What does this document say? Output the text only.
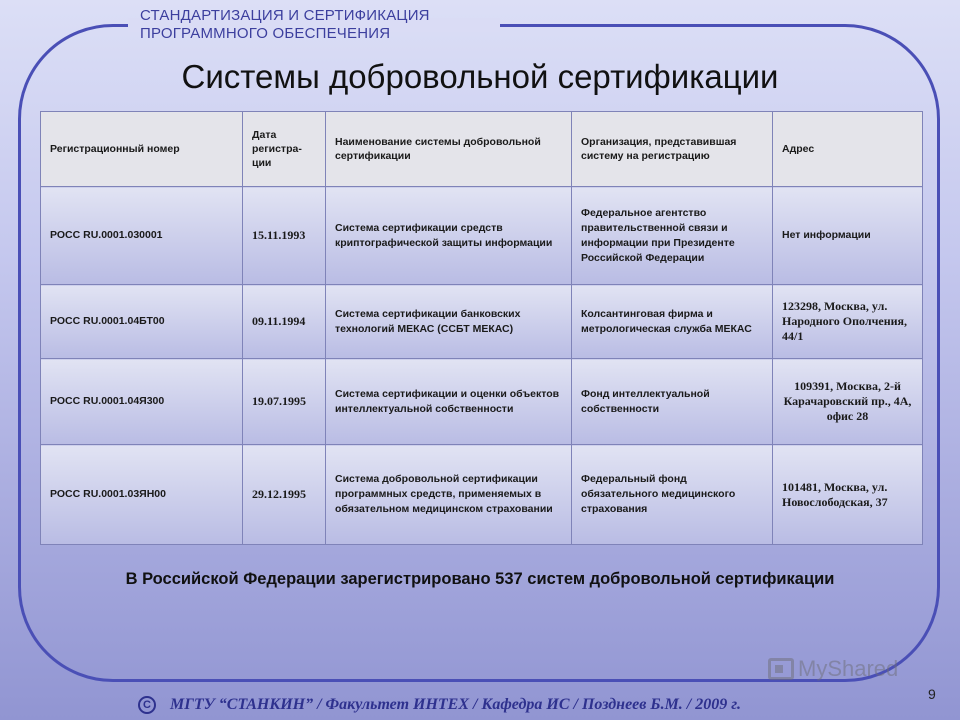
СТАНДАРТИЗАЦИЯ И СЕРТИФИКАЦИЯ
ПРОГРАММНОГО ОБЕСПЕЧЕНИЯ
Системы добровольной сертификации
Регистрационный номер	Дата регистра-ции	Наименование системы добровольной сертификации	Организация, представившая систему на регистрацию	Адрес
РОСС RU.0001.030001	15.11.1993	Система сертификации средств криптографической защиты информации	Федеральное агентство правительственной связи и информации при Президенте Российской Федерации	Нет информации
РОСС RU.0001.04БТ00	09.11.1994	Система сертификации банковских технологий МЕКАС (ССБТ МЕКАС)	Колсантинговая фирма и метрологическая служба МЕКАС	123298, Москва, ул. Народного Ополчения, 44/1
РОСС RU.0001.04Я300	19.07.1995	Система сертификации и оценки объектов интеллектуальной собственности	Фонд интеллектуальной собственности	109391, Москва, 2-й Карачаровский пр., 4А, офис 28
РОСС RU.0001.03ЯН00	29.12.1995	Система добровольной сертификации программных средств, применяемых в обязательном медицинском страховании	Федеральный фонд обязательного медицинского страхования	101481, Москва, ул. Новослободская, 37
В Российской Федерации зарегистрировано 537 систем добровольной сертификации
MyShared
9
С	МГТУ “СТАНКИН” / Факультет ИНТЕХ / Кафедра ИС / Позднеев Б.М. / 2009 г.
